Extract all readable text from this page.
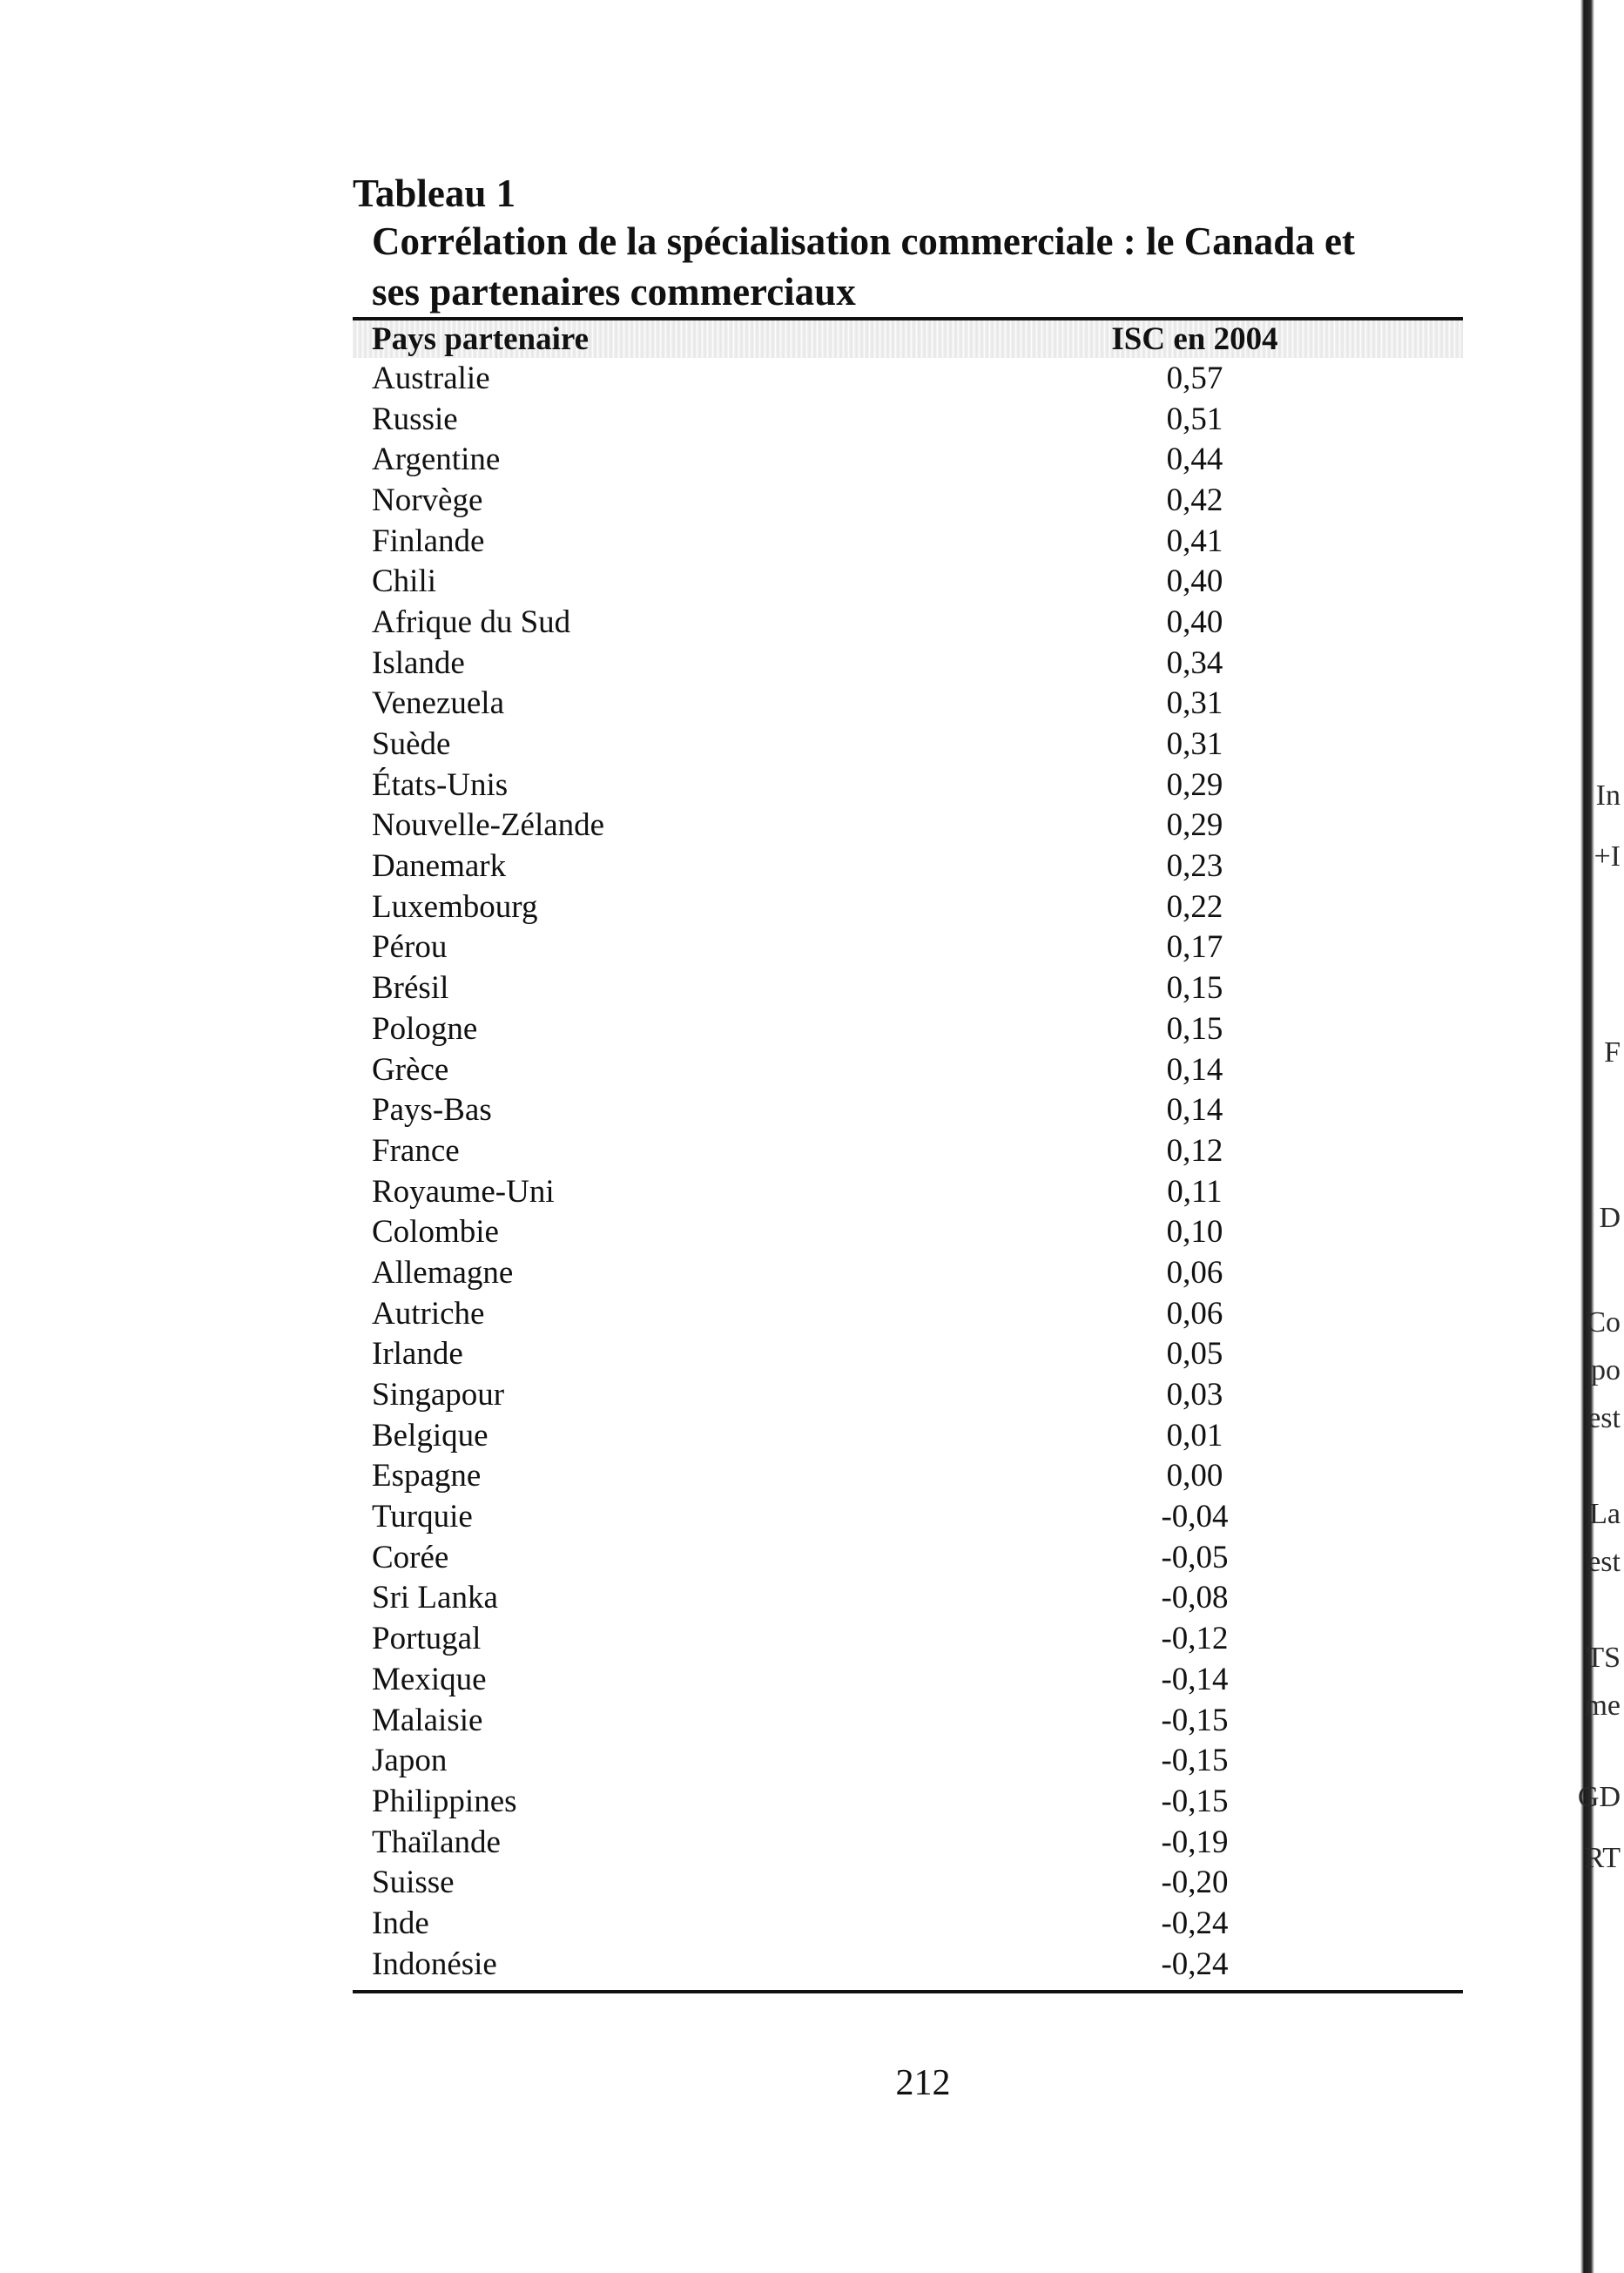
In
+I
F
D
Co
po
est
La
est
TS
me
GD
RT
Tableau 1
Corrélation de la spécialisation commerciale : le Canada et
ses partenaires commerciaux
Pays partenaire	ISC en 2004
Australie	0,57
Russie	0,51
Argentine	0,44
Norvège	0,42
Finlande	0,41
Chili	0,40
Afrique du Sud	0,40
Islande	0,34
Venezuela	0,31
Suède	0,31
États-Unis	0,29
Nouvelle-Zélande	0,29
Danemark	0,23
Luxembourg	0,22
Pérou	0,17
Brésil	0,15
Pologne	0,15
Grèce	0,14
Pays-Bas	0,14
France	0,12
Royaume-Uni	0,11
Colombie	0,10
Allemagne	0,06
Autriche	0,06
Irlande	0,05
Singapour	0,03
Belgique	0,01
Espagne	0,00
Turquie	-0,04
Corée	-0,05
Sri Lanka	-0,08
Portugal	-0,12
Mexique	-0,14
Malaisie	-0,15
Japon	-0,15
Philippines	-0,15
Thaïlande	-0,19
Suisse	-0,20
Inde	-0,24
Indonésie	-0,24
212
